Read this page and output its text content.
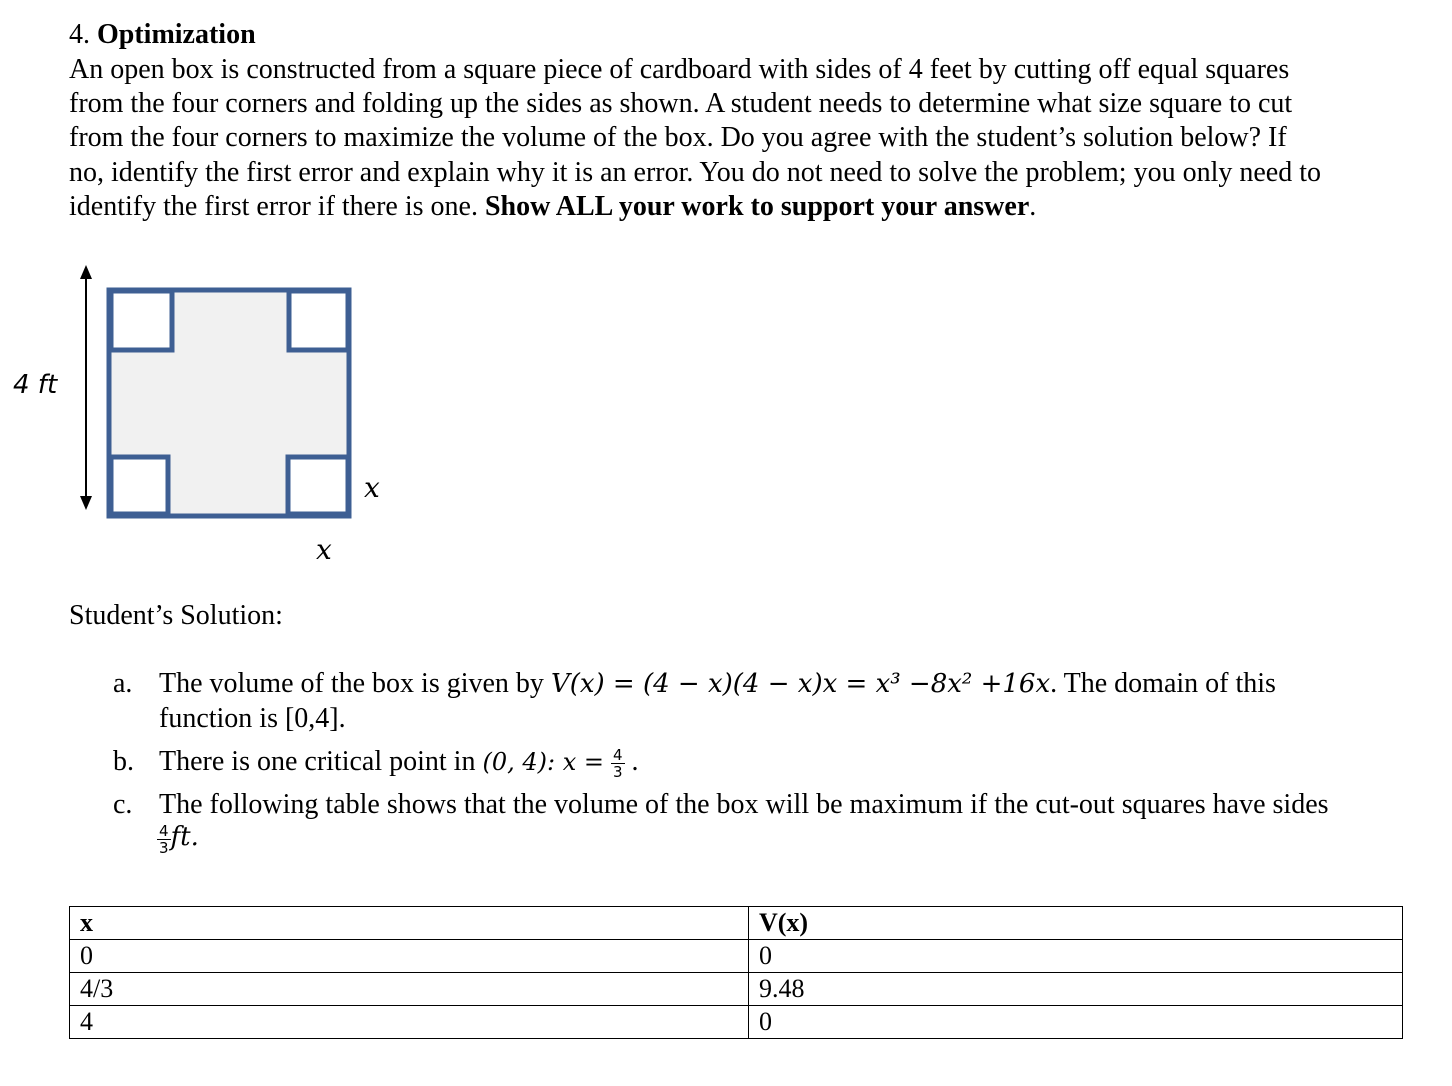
4. Optimization
An open box is constructed from a square piece of cardboard with sides of 4 feet by cutting off equal squares
from the four corners and folding up the sides as shown. A student needs to determine what size square to cut
from the four corners to maximize the volume of the box. Do you agree with the student’s solution below? If
no, identify the first error and explain why it is an error. You do not need to solve the problem; you only need to
identify the first error if there is one. Show ALL your work to support your answer.
4 ft
x
x
Student’s Solution:
a. The volume of the box is given by V(x) = (4 − x)(4 − x)x = x³ −8x² +16x. The domain of this
function is [0,4].
b. There is one critical point in (0, 4): $x = \frac{4}{3}$ .
c. The following table shows that the volume of the box will be maximum if the cut-out squares have sides
$\frac{4}{3}$ ft.
x	V(x)
0	0
4/3	9.48
4	0
